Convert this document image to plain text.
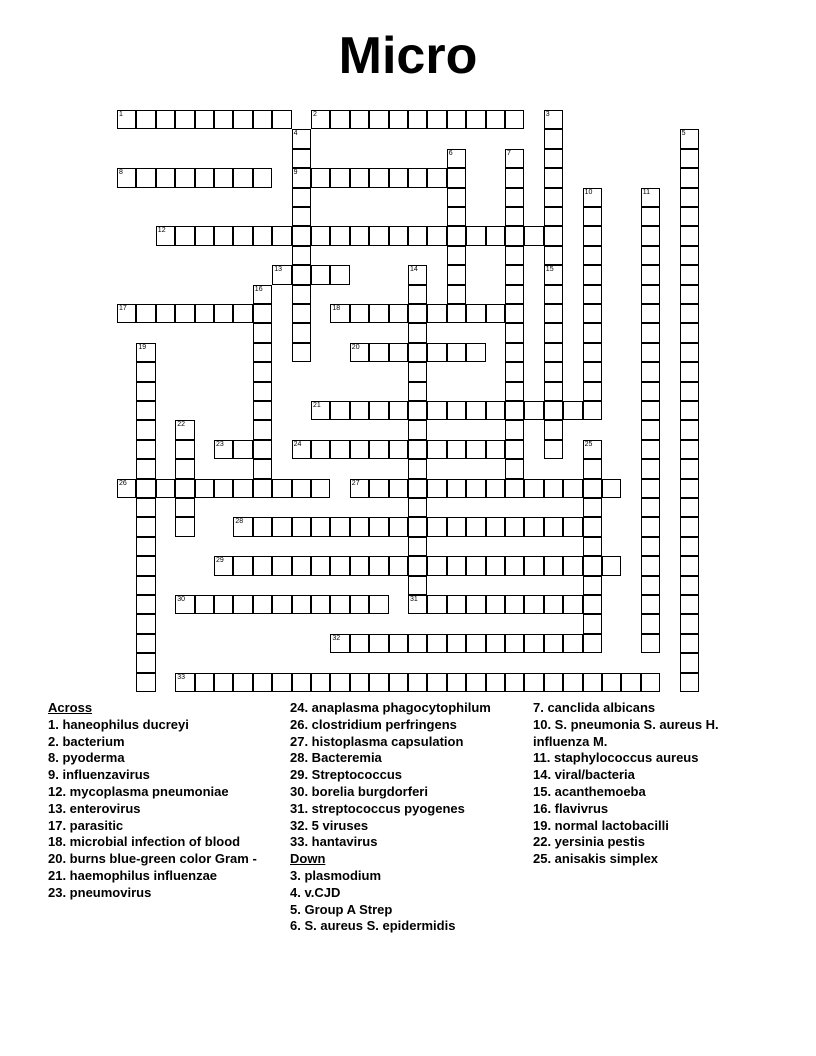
Micro
1	2	3
15
4
9
5
6	7
8
10	11
12
13	14
16
17	18
19	20
21
22
23	24	25
26	27
28
29
30	31
32
33
Across
1. haneophilus ducreyi
2. bacterium
8. pyoderma
9. influenzavirus
12. mycoplasma pneumoniae
13. enterovirus
17. parasitic
18. microbial infection of blood
20. burns blue-green color Gram -
21. haemophilus influenzae
23. pneumovirus
24. anaplasma phagocytophilum
26. clostridium perfringens
27. histoplasma capsulation
28. Bacteremia
29. Streptococcus
30. borelia burgdorferi
31. streptococcus pyogenes
32. 5 viruses
33. hantavirus
Down
3. plasmodium
4. v.CJD
5. Group A Strep
6. S. aureus S. epidermidis
7. canclida albicans
10. S. pneumonia S. aureus H. influenza M.
11. staphylococcus aureus
14. viral/bacteria
15. acanthemoeba
16. flavivrus
19. normal lactobacilli
22. yersinia pestis
25. anisakis simplex
